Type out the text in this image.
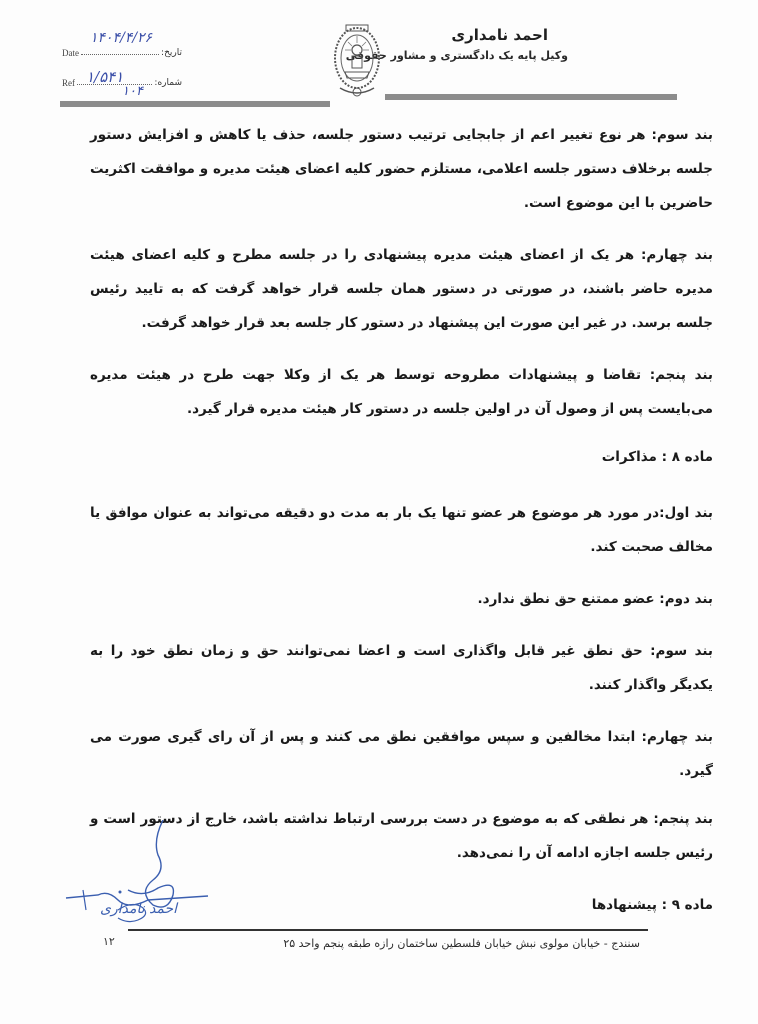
احمد نامداری
وکیل پایه یک دادگستری و مشاور حقوقی
Date	تاریخ:
۱۴۰۴/۴/۲۶
Ref	شماره:
۱/۵۴۱
۱۰۴

بند سوم: هر نوع تغییر اعم از جابجایی ترتیب دستور جلسه، حذف یا کاهش و افزایش دستور جلسه برخلاف دستور جلسه اعلامی، مستلزم حضور کلیه اعضای هیئت مدیره و موافقت اکثریت حاضرین با این موضوع است.

بند چهارم: هر یک از اعضای هیئت مدیره پیشنهادی را در جلسه مطرح و کلیه اعضای هیئت مدیره حاضر باشند، در صورتی در دستور همان جلسه قرار خواهد گرفت که به تایید رئیس جلسه برسد. در غیر این صورت این پیشنهاد در دستور کار جلسه بعد قرار خواهد گرفت.

بند پنجم: تقاضا و پیشنهادات مطروحه توسط هر یک از وکلا جهت طرح در هیئت مدیره می‌بایست پس از وصول آن در اولین جلسه در دستور کار هیئت مدیره قرار گیرد.

ماده ۸ : مذاکرات

بند اول:در مورد هر موضوع هر عضو تنها یک بار به مدت دو دقیقه می‌تواند به عنوان موافق یا مخالف صحبت کند.

بند دوم: عضو ممتنع حق نطق ندارد.

بند سوم: حق نطق غیر قابل واگذاری است و اعضا نمی‌توانند حق و زمان نطق خود را به یکدیگر واگذار کنند.

بند چهارم: ابتدا مخالفین و سپس موافقین نطق می کنند و پس از آن رای گیری صورت می گیرد.

بند پنجم: هر نطقی که به موضوع در دست بررسی ارتباط نداشته باشد، خارج از دستور است و رئیس جلسه اجازه ادامه آن را نمی‌دهد.

ماده ۹ : پیشنهادها

احمد نامداری
۱۲	سنندج - خیابان مولوی نبش خیابان فلسطین ساختمان رازه طبقه پنجم واحد ۲۵
